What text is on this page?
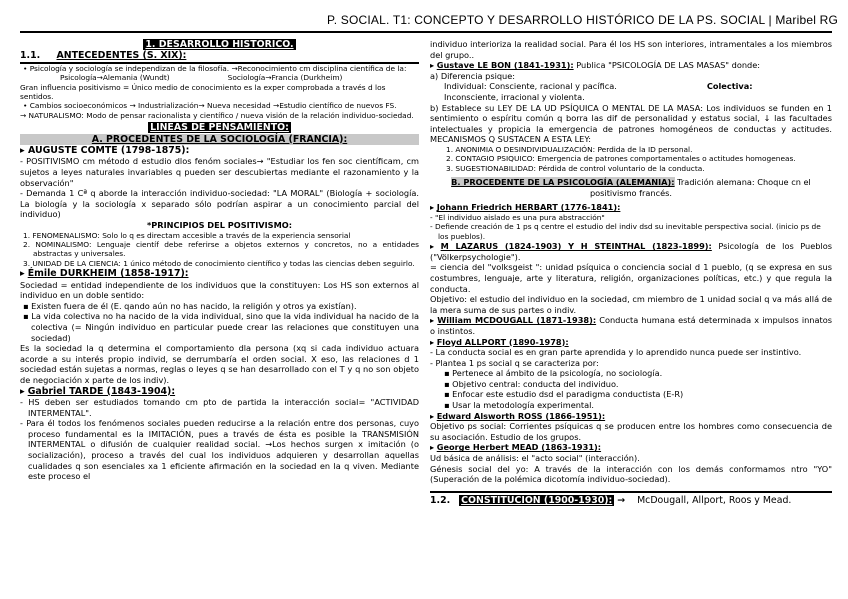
P. SOCIAL. T1: CONCEPTO Y DESARROLLO HISTÓRICO DE LA PS. SOCIAL | Maribel RG

1. DESARROLLO HISTÓRICO.

1.1. ANTECEDENTES (S. XIX):

• Psicología y sociología se independizan de la filosofía. →Reconocimiento cm disciplina científica de la:

Psicología→Alemania (Wundt)	Sociología→Francia (Durkheim)

Gran influencia positivismo = Único medio de conocimiento es la exper comprobada a través d los sentidos.

• Cambios socioeconómicos → Industrialización→ Nueva necesidad →Estudio científico de nuevos FS.

→ NATURALISMO: Modo de pensar racionalista y científico / nueva visión de la relación individuo-sociedad.

LINEAS DE PENSAMIENTO:

A. PROCEDENTES DE LA SOCIOLOGÍA (FRANCIA):

▸ AUGUSTE COMTE (1798-1875):

- POSITIVISMO cm método d estudio dlos fenóm sociales→ "Estudiar los fen soc científicam, cm sujetos a leyes naturales invariables q pueden ser descubiertas mediante el razonamiento y la observación"

- Demanda 1 Cª q aborde la interacción individuo-sociedad: "LA MORAL" (Biología + sociología. La biología y la sociología x separado sólo podrían aspirar a un conocimiento parcial del individuo)

*PRINCIPIOS DEL POSITIVISMO:

1. FENOMENALISMO: Solo lo q es directam accesible a través de la experiencia sensorial

2. NOMINALISMO: Lenguaje científ debe referirse a objetos externos y concretos, no a entidades abstractas y universales.

3. UNIDAD DE LA CIENCIA: 1 único método de conocimiento científico y todas las ciencias deben seguirlo.

▸ Émile DURKHEIM (1858-1917):

Sociedad = entidad independiente de los individuos que la constituyen: Los HS son externos al individuo en un doble sentido:

▪ Existen fuera de él (E. qando aún no has nacido, la religión y otros ya existían).

▪ La vida colectiva no ha nacido de la vida individual, sino que la vida individual ha nacido de la colectiva (= Ningún individuo en particular puede crear las relaciones que constituyen una sociedad)

Es la sociedad la q determina el comportamiento dla persona (xq si cada individuo actuara acorde a su interés propio individ, se derrumbaría el orden social. X eso, las relaciones d 1 sociedad están sujetas a normas, reglas o leyes q se han desarrollado con el T y q no son objeto de negociación x parte de los indiv).

▸ Gabriel TARDE (1843-1904):

- HS deben ser estudiados tomando cm pto de partida la interacción social= "ACTIVIDAD INTERMENTAL".

- Para él todos los fenómenos sociales pueden reducirse a la relación entre dos personas, cuyo proceso fundamental es la IMITACIÓN, pues a través de ésta es posible la TRANSMISIÓN INTERMENTAL o difusión de cualquier realidad social. →Los hechos surgen x imitación (o socialización), proceso a través del cual los individuos adquieren y desarrollan aquellas cualidades q son esenciales xa 1 eficiente afirmación en la sociedad en la q viven. Mediante este proceso el

individuo interioriza la realidad social. Para él los HS son interiores, intramentales a los miembros del grupo..

▸ Gustave LE BON (1841-1931): Publica "PSICOLOGÍA DE LAS MASAS" donde:

a) Diferencia psique:

Individual: Consciente, racional y pacífica.	Colectiva:

Inconsciente, irracional y violenta.

b) Establece su LEY DE LA UD PSÍQUICA O MENTAL DE LA MASA: Los individuos se funden en 1 sentimiento o espíritu común q borra las dif de personalidad y estatus social, ↓ las facultades intelectuales y propicia la emergencia de patrones homogéneos de conductas y actitudes. MECANISMOS Q SUSTACEN A ESTA LEY:

1. ANONIMIA O DESINDIVIDUALIZACIÓN: Perdida de la ID personal.

2. CONTAGIO PSIQUICO: Emergencia de patrones comportamentales o actitudes homogeneas.

3. SUGESTIONABILIDAD: Pérdida de control voluntario de la conducta.

B. PROCEDENTE DE LA PSICOLOGÍA (ALEMANIA): Tradición alemana: Choque cn el positivismo francés.

▸ Johann Friedrich HERBART (1776-1841):

- "El individuo aislado es una pura abstracción"

- Defiende creación de 1 ps q centre el estudio del indiv dsd su inevitable perspectiva social. (inicio ps de los pueblos).

▸ M LAZARUS (1824-1903) Y H STEINTHAL (1823-1899): Psicología de los Pueblos ("Völkerpsychologie").

= ciencia del "volksgeist ": unidad psíquica o conciencia social d 1 pueblo, (q se expresa en sus costumbres, lenguaje, arte y literatura, religión, organizaciones políticas, etc.) y que regula la conducta.

Objetivo: el estudio del individuo en la sociedad, cm miembro de 1 unidad social q va más allá de la mera suma de sus partes o indiv.

▸ William MCDOUGALL (1871-1938): Conducta humana está determinada x impulsos innatos o instintos.

▸ Floyd ALLPORT (1890-1978):

- La conducta social es en gran parte aprendida y lo aprendido nunca puede ser instintivo.

- Plantea 1 ps social q se caracteriza por:

▪ Pertenece al ámbito de la psicología, no sociología.

▪ Objetivo central: conducta del individuo.

▪ Enfocar este estudio dsd el paradigma conductista (E-R)

▪ Usar la metodología experimental.

▸ Edward Alsworth ROSS (1866-1951):

Objetivo ps social: Corrientes psíquicas q se producen entre los hombres como consecuencia de su asociación. Estudio de los grupos.

▸ George Herbert MEAD (1863-1931):

Ud básica de análisis: el "acto social" (interacción).

Génesis social del yo: A través de la interacción con los demás conformamos ntro "YO" (Superación de la polémica dicotomía individuo-sociedad).

1.2. CONSTITUCION (1900-1930): → McDougall, Allport, Roos y Mead.
